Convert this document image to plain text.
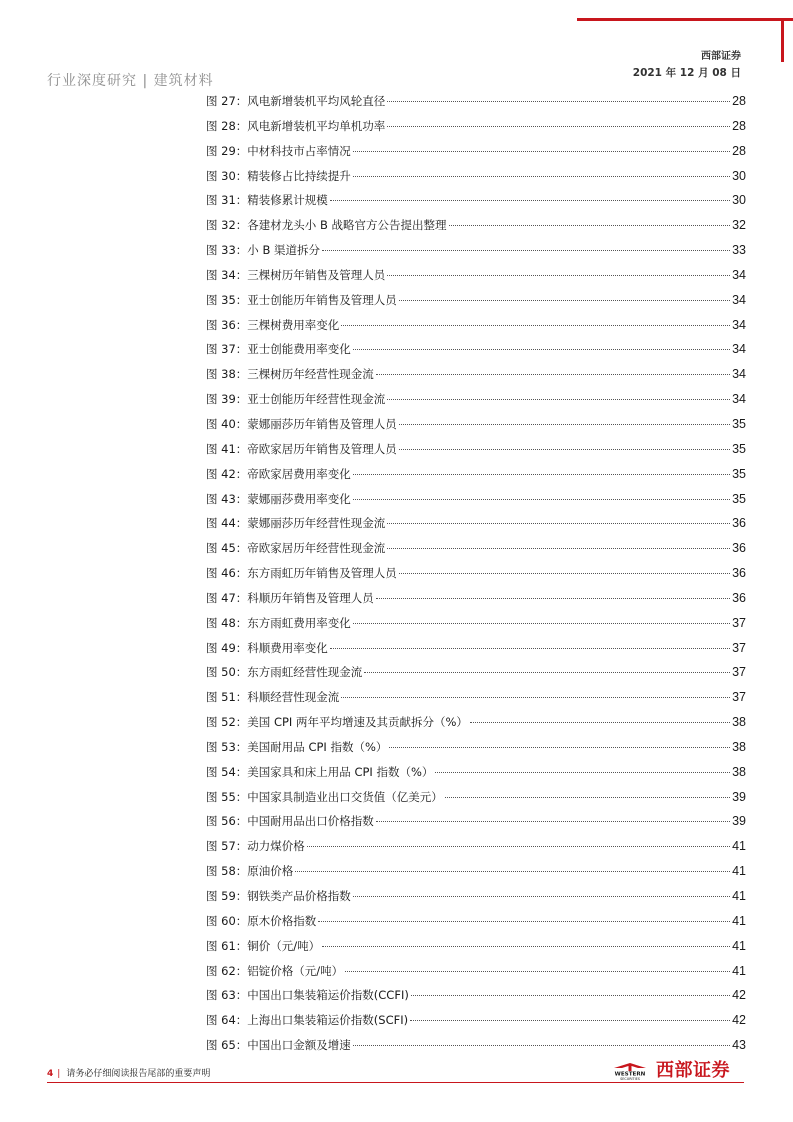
行业深度研究 | 建筑材料
西部证券
2021 年 12 月 08 日
图 27：风电新增装机平均风轮直径	28
图 28：风电新增装机平均单机功率	28
图 29：中材科技市占率情况	28
图 30：精装修占比持续提升	30
图 31：精装修累计规模	30
图 32：各建材龙头小 B 战略官方公告提出整理	32
图 33：小 B 渠道拆分	33
图 34：三棵树历年销售及管理人员	34
图 35：亚士创能历年销售及管理人员	34
图 36：三棵树费用率变化	34
图 37：亚士创能费用率变化	34
图 38：三棵树历年经营性现金流	34
图 39：亚士创能历年经营性现金流	34
图 40：蒙娜丽莎历年销售及管理人员	35
图 41：帝欧家居历年销售及管理人员	35
图 42：帝欧家居费用率变化	35
图 43：蒙娜丽莎费用率变化	35
图 44：蒙娜丽莎历年经营性现金流	36
图 45：帝欧家居历年经营性现金流	36
图 46：东方雨虹历年销售及管理人员	36
图 47：科顺历年销售及管理人员	36
图 48：东方雨虹费用率变化	37
图 49：科顺费用率变化	37
图 50：东方雨虹经营性现金流	37
图 51：科顺经营性现金流	37
图 52：美国 CPI 两年平均增速及其贡献拆分（%）	38
图 53：美国耐用品 CPI 指数（%）	38
图 54：美国家具和床上用品 CPI 指数（%）	38
图 55：中国家具制造业出口交货值（亿美元）	39
图 56：中国耐用品出口价格指数	39
图 57：动力煤价格	41
图 58：原油价格	41
图 59：钢铁类产品价格指数	41
图 60：原木价格指数	41
图 61：铜价（元/吨）	41
图 62：铝锭价格（元/吨）	41
图 63：中国出口集装箱运价指数(CCFI)	42
图 64：上海出口集装箱运价指数(SCFI)	42
图 65：中国出口金额及增速	43
4 | 请务必仔细阅读报告尾部的重要声明	WESTERN
SECURITIES 西部证券
